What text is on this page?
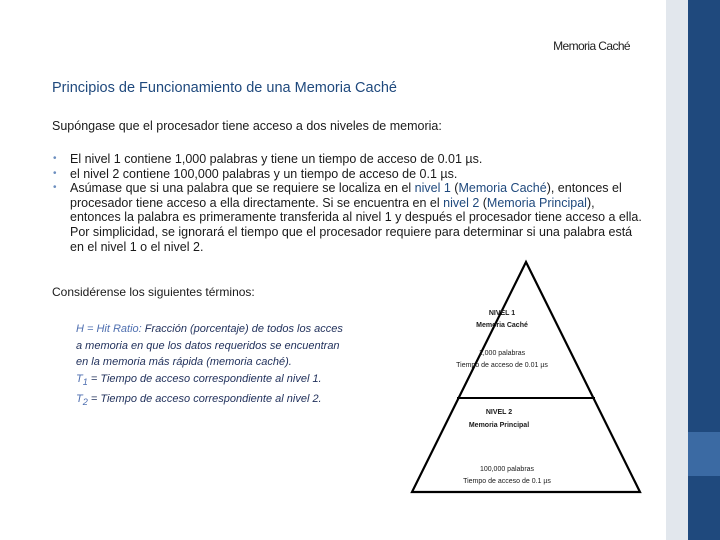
Memoria Caché
Principios de Funcionamiento de una Memoria Caché
Supóngase que el procesador tiene acceso a dos niveles de memoria:
• El nivel 1 contiene 1,000 palabras y tiene un tiempo de acceso de 0.01 µs.
• el nivel 2 contiene 100,000 palabras y un tiempo de acceso de 0.1 µs.
• Asúmase que si una palabra que se requiere se localiza en el nivel 1 (Memoria Caché), entonces el procesador tiene acceso a ella directamente. Si se encuentra en el nivel 2 (Memoria Principal), entonces la palabra es primeramente transferida al nivel 1 y después el procesador tiene acceso a ella. Por simplicidad, se ignorará el tiempo que el procesador requiere para determinar si una palabra está en el nivel 1 o el nivel 2.
Considérense los siguientes términos:
H = Hit Ratio: Fracción (porcentaje) de todos los acces
a memoria en que los datos requeridos se encuentran
en la memoria más rápida (memoria caché).
$T_1$ = Tiempo de acceso correspondiente al nivel 1.
$T_2$ = Tiempo de acceso correspondiente al nivel 2.
NIVEL 1
Memoria Caché
1,000 palabras
Tiempo de acceso de 0.01 µs
NIVEL 2
Memoria Principal
100,000 palabras
Tiempo de acceso de 0.1 µs
